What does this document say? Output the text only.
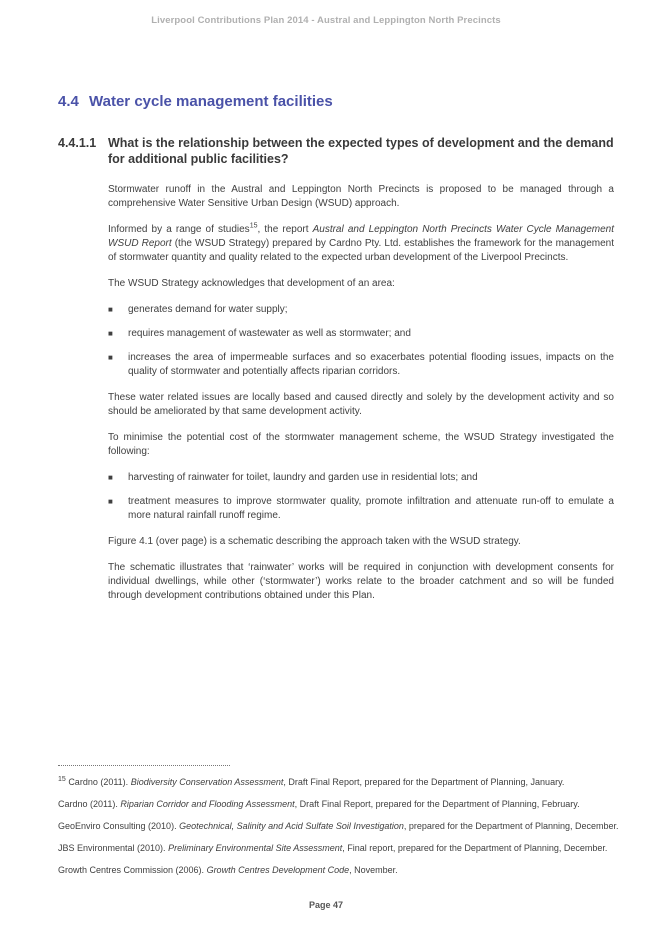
Liverpool Contributions Plan 2014 - Austral and Leppington North Precincts
4.4 Water cycle management facilities
4.4.1.1 What is the relationship between the expected types of development and the demand for additional public facilities?

Stormwater runoff in the Austral and Leppington North Precincts is proposed to be managed through a comprehensive Water Sensitive Urban Design (WSUD) approach.

Informed by a range of studies$^{15}$, the report Austral and Leppington North Precincts Water Cycle Management WSUD Report (the WSUD Strategy) prepared by Cardno Pty. Ltd. establishes the framework for the management of stormwater quantity and quality related to the expected urban development of the Liverpool Precincts.

The WSUD Strategy acknowledges that development of an area:

■ generates demand for water supply;
■ requires management of wastewater as well as stormwater; and
■ increases the area of impermeable surfaces and so exacerbates potential flooding issues, impacts on the quality of stormwater and potentially affects riparian corridors.

These water related issues are locally based and caused directly and solely by the development activity and so should be ameliorated by that same development activity.

To minimise the potential cost of the stormwater management scheme, the WSUD Strategy investigated the following:

■ harvesting of rainwater for toilet, laundry and garden use in residential lots; and
■ treatment measures to improve stormwater quality, promote infiltration and attenuate run-off to emulate a more natural rainfall runoff regime.

Figure 4.1 (over page) is a schematic describing the approach taken with the WSUD strategy.

The schematic illustrates that ‘rainwater’ works will be required in conjunction with development consents for individual dwellings, while other (‘stormwater’) works relate to the broader catchment and so will be funded through development contributions obtained under this Plan.

$^{15}$ Cardno (2011). Biodiversity Conservation Assessment, Draft Final Report, prepared for the Department of Planning, January.
Cardno (2011). Riparian Corridor and Flooding Assessment, Draft Final Report, prepared for the Department of Planning, February.
GeoEnviro Consulting (2010). Geotechnical, Salinity and Acid Sulfate Soil Investigation, prepared for the Department of Planning, December.
JBS Environmental (2010). Preliminary Environmental Site Assessment, Final report, prepared for the Department of Planning, December.
Growth Centres Commission (2006). Growth Centres Development Code, November.
Page 47
